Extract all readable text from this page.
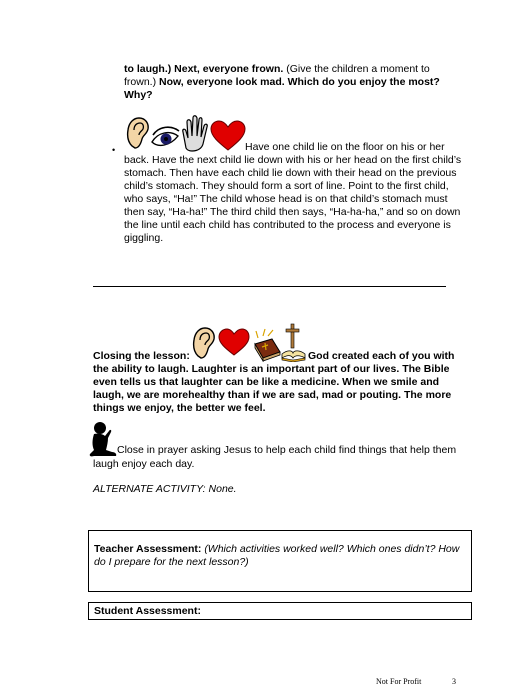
to laugh.) Next, everyone frown. (Give the children a moment to frown.) Now, everyone look mad. Which do you enjoy the most? Why?
•	Have one child lie on the floor on his or her
back. Have the next child lie down with his or her head on the first child’s stomach. Then have each child lie down with their head on the previous child’s stomach. They should form a sort of line. Point to the first child, who says, “Ha!” The child whose head is on that child’s stomach must then say, “Ha-ha!” The third child then says, “Ha-ha-ha,” and so on down the line until each child has contributed to the process and everyone is giggling.
Closing the lesson:	God created each of you with
the ability to laugh. Laughter is an important part of our lives. The Bible even tells us that laughter can be like a medicine. When we smile and laugh, we are morehealthy than if we are sad, mad or pouting. The more things we enjoy, the better we feel.
Close in prayer asking Jesus to help each child find things that help them
laugh enjoy each day.
ALTERNATE ACTIVITY: None.
Teacher Assessment: (Which activities worked well? Which ones didn’t? How do I prepare for the next lesson?)
Student Assessment:
Not For Profit	3
